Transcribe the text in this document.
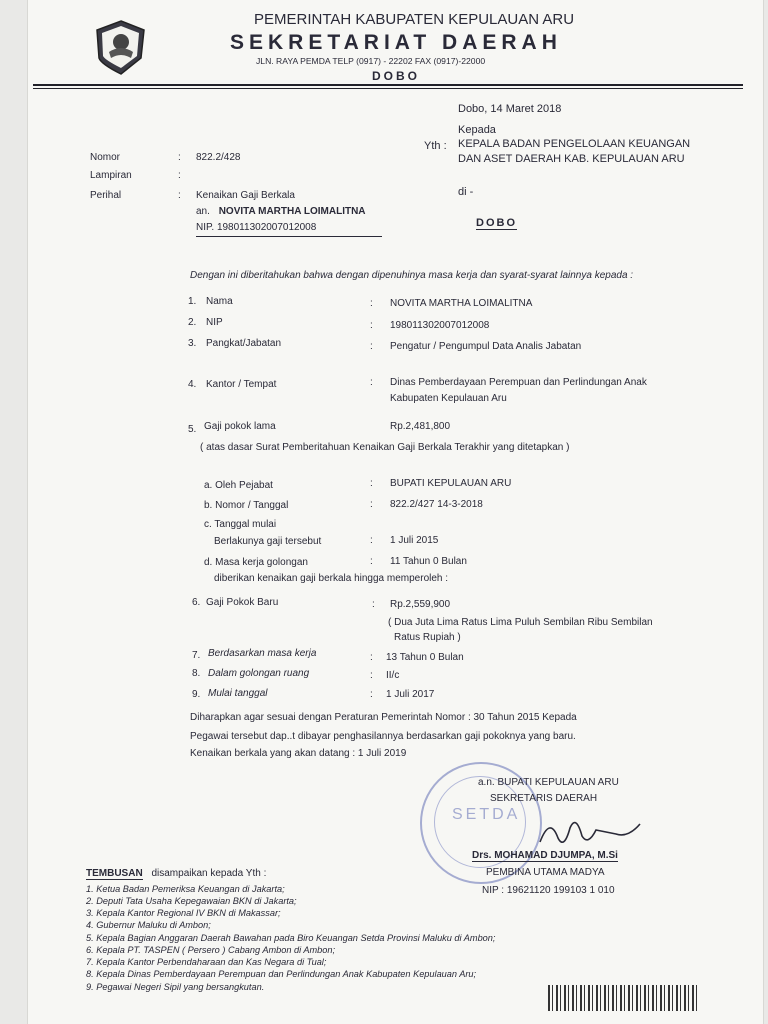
PEMERINTAH KABUPATEN KEPULAUAN ARU
SEKRETARIAT DAERAH
JLN. RAYA PEMDA TELP (0917) - 22202 FAX (0917)-22000
DOBO
Dobo, 14 Maret 2018
Kepada
Yth : KEPALA BADAN PENGELOLAAN KEUANGAN
DAN ASET DAERAH KAB. KEPULAUAN ARU
di -
DOBO
Nomor	: 822.2/428
Lampiran	:
Perihal	: Kenaikan Gaji Berkala
an. NOVITA MARTHA LOIMALITNA
NIP. 198011302007012008
Dengan ini diberitahukan bahwa dengan dipenuhinya masa kerja dan syarat-syarat lainnya kepada :
1. Nama	: NOVITA MARTHA LOIMALITNA
2. NIP	: 198011302007012008
3. Pangkat/Jabatan	: Pengatur / Pengumpul Data Analis Jabatan
4. Kantor / Tempat	: Dinas Pemberdayaan Perempuan dan Perlindungan Anak
Kabupaten Kepulauan Aru
5. Gaji pokok lama	Rp.2,481,800
( atas dasar Surat Pemberitahuan Kenaikan Gaji Berkala Terakhir yang ditetapkan )
a. Oleh Pejabat	: BUPATI KEPULAUAN ARU
b. Nomor / Tanggal	: 822.2/427 14-3-2018
c. Tanggal mulai
Berlakunya gaji tersebut	: 1 Juli 2015
d. Masa kerja golongan	: 11 Tahun 0 Bulan
diberikan kenaikan gaji berkala hingga memperoleh :
6. Gaji Pokok Baru	: Rp.2,559,900
( Dua Juta Lima Ratus Lima Puluh Sembilan Ribu Sembilan
Ratus Rupiah )
7. Berdasarkan masa kerja	: 13 Tahun 0 Bulan
8. Dalam golongan ruang	: II/c
9. Mulai tanggal	: 1 Juli 2017
Diharapkan agar sesuai dengan Peraturan Pemerintah Nomor : 30 Tahun 2015 Kepada
Pegawai tersebut dap..t dibayar penghasilannya berdasarkan gaji pokoknya yang baru.
Kenaikan berkala yang akan datang : 1 Juli 2019
SETDA
a.n. BUPATI KEPULAUAN ARU
SEKRETARIS DAERAH
Drs. MOHAMAD DJUMPA, M.Si
PEMBINA UTAMA MADYA
NIP : 19621120 199103 1 010
TEMBUSAN disampaikan kepada Yth :
1. Ketua Badan Pemeriksa Keuangan di Jakarta;
2. Deputi Tata Usaha Kepegawaian BKN di Jakarta;
3. Kepala Kantor Regional IV BKN di Makassar;
4. Gubernur Maluku di Ambon;
5. Kepala Bagian Anggaran Daerah Bawahan pada Biro Keuangan Setda Provinsi Maluku di Ambon;
6. Kepala PT. TASPEN ( Persero ) Cabang Ambon di Ambon;
7. Kepala Kantor Perbendaharaan dan Kas Negara di Tual;
8. Kepala Dinas Pemberdayaan Perempuan dan Perlindungan Anak Kabupaten Kepulauan Aru;
9. Pegawai Negeri Sipil yang bersangkutan.
